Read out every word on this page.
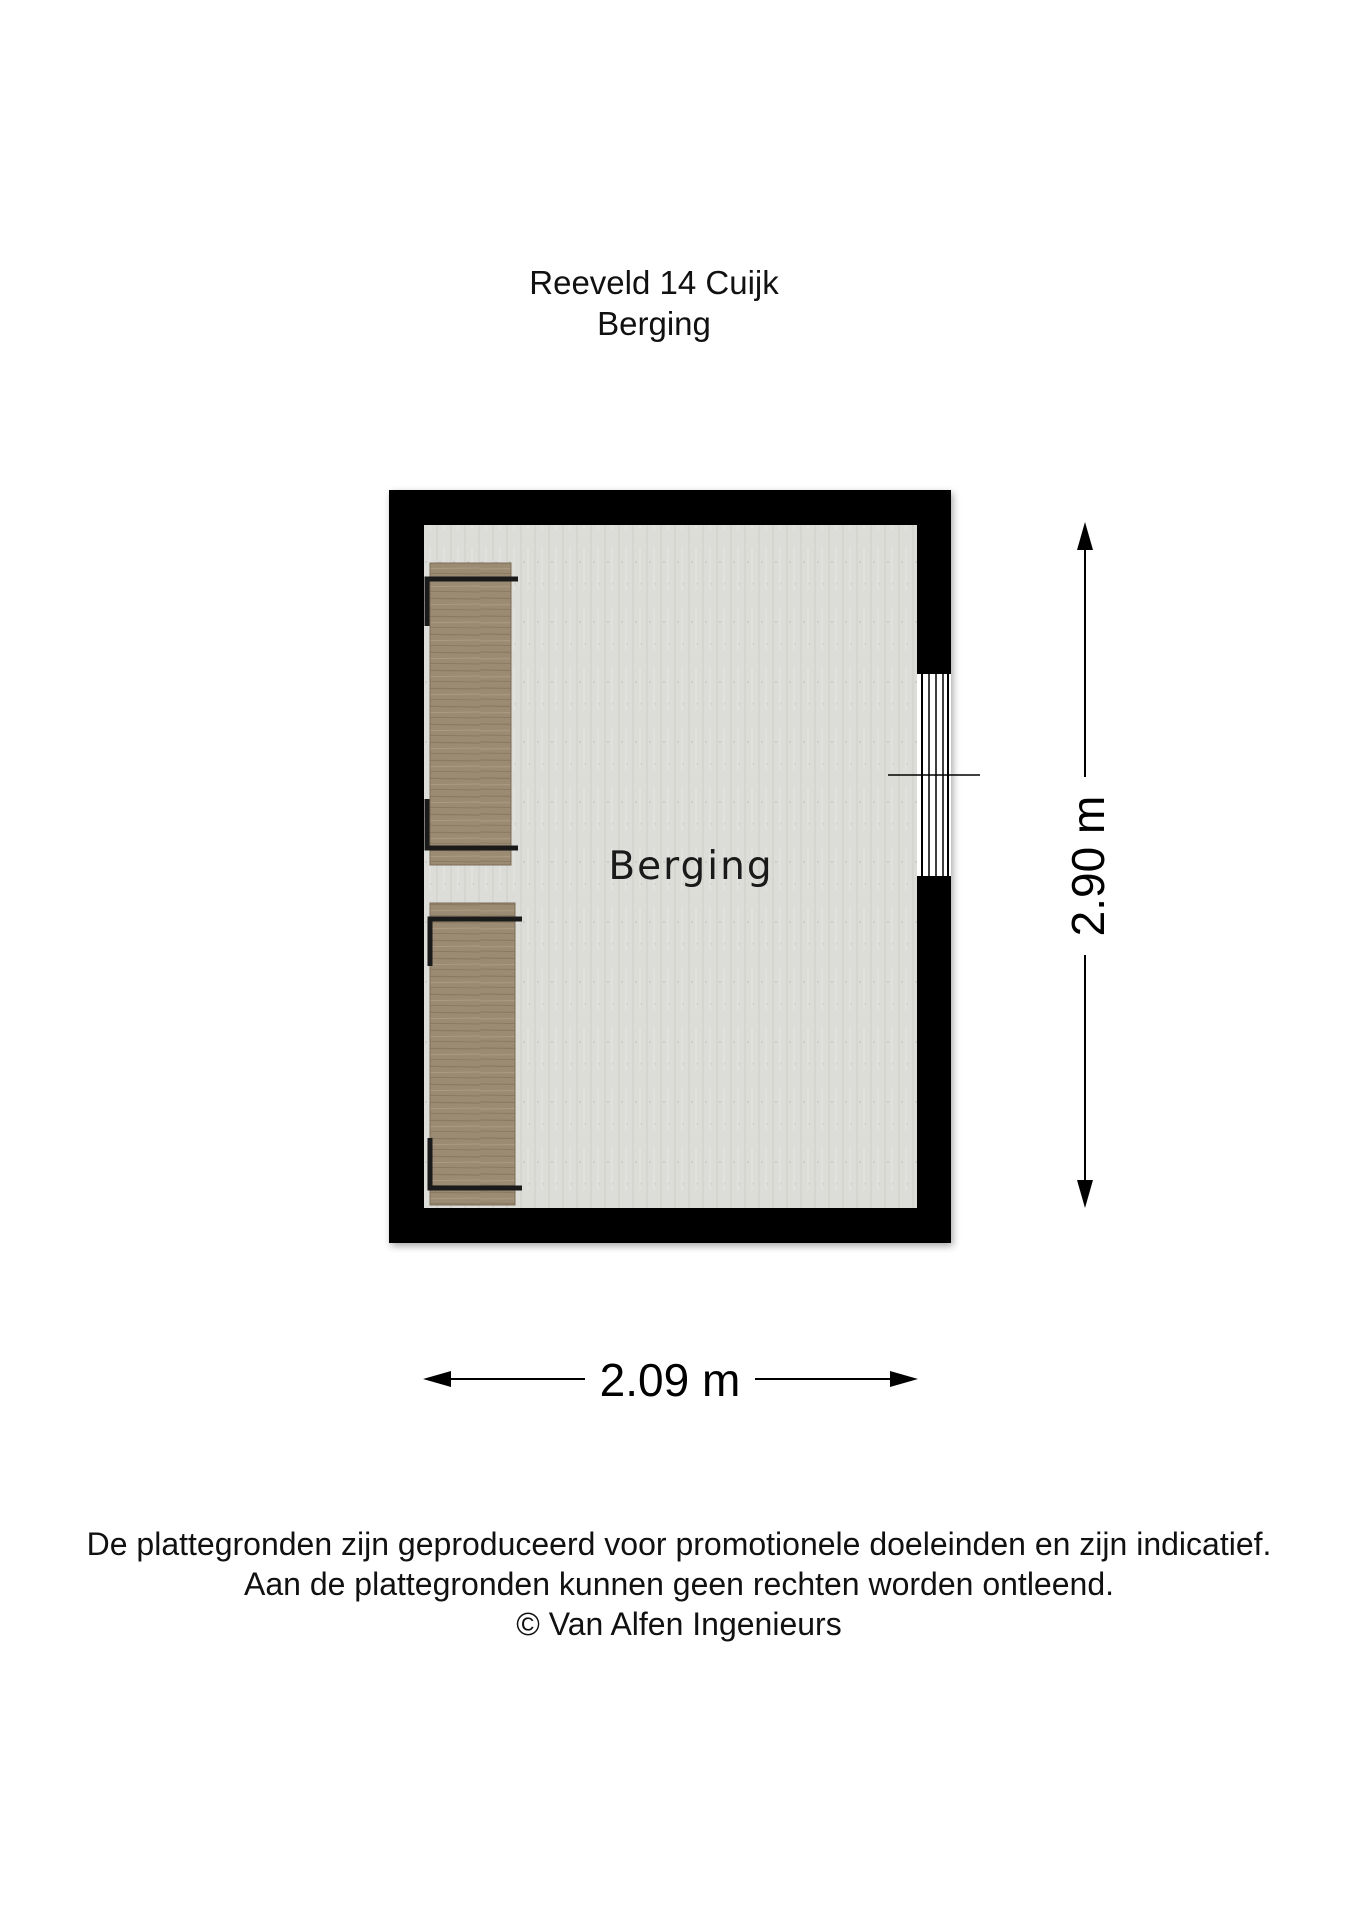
Reeveld 14 Cuijk
Berging
Berging	2.90 m
2.09 m
De plattegronden zijn geproduceerd voor promotionele doeleinden en zijn indicatief.
Aan de plattegronden kunnen geen rechten worden ontleend.
© Van Alfen Ingenieurs
